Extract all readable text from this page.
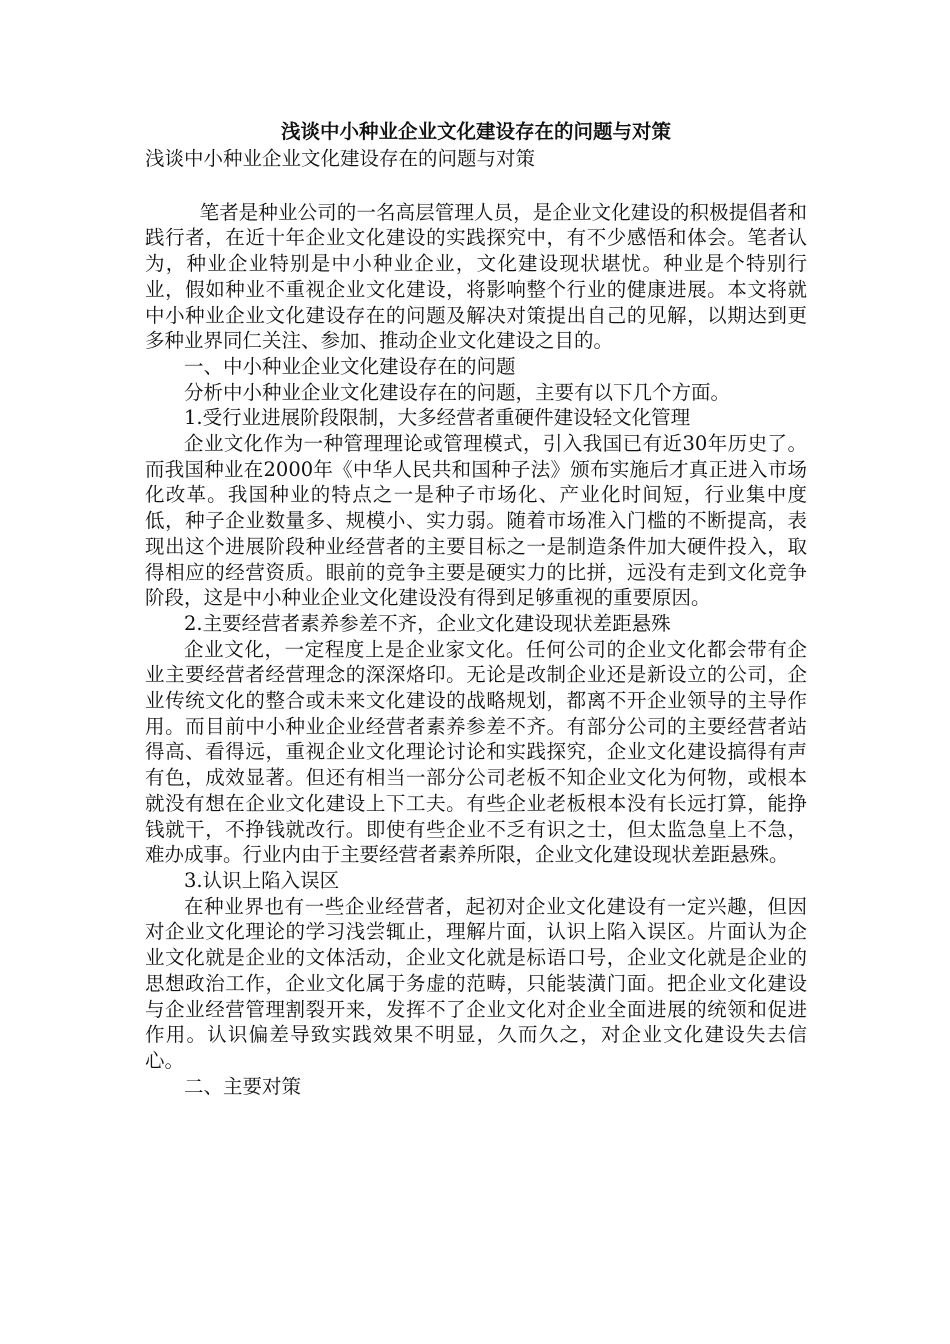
浅谈中小种业企业文化建设存在的问题与对策

浅谈中小种业企业文化建设存在的问题与对策

笔者是种业公司的一名高层管理人员，是企业文化建设的积极提倡者和践行者，在近十年企业文化建设的实践探究中，有不少感悟和体会。笔者认为，种业企业特别是中小种业企业，文化建设现状堪忧。种业是个特别行业，假如种业不重视企业文化建设，将影响整个行业的健康进展。本文将就中小种业企业文化建设存在的问题及解决对策提出自己的见解，以期达到更多种业界同仁关注、参加、推动企业文化建设之目的。

一、中小种业企业文化建设存在的问题

分析中小种业企业文化建设存在的问题，主要有以下几个方面。

1.受行业进展阶段限制，大多经营者重硬件建设轻文化管理

企业文化作为一种管理理论或管理模式，引入我国已有近30年历史了。而我国种业在2000年《中华人民共和国种子法》颁布实施后才真正进入市场化改革。我国种业的特点之一是种子市场化、产业化时间短，行业集中度低，种子企业数量多、规模小、实力弱。随着市场准入门槛的不断提高，表现出这个进展阶段种业经营者的主要目标之一是制造条件加大硬件投入，取得相应的经营资质。眼前的竞争主要是硬实力的比拼，远没有走到文化竞争阶段，这是中小种业企业文化建设没有得到足够重视的重要原因。

2.主要经营者素养参差不齐，企业文化建设现状差距悬殊

企业文化，一定程度上是企业家文化。任何公司的企业文化都会带有企业主要经营者经营理念的深深烙印。无论是改制企业还是新设立的公司，企业传统文化的整合或未来文化建设的战略规划，都离不开企业领导的主导作用。而目前中小种业企业经营者素养参差不齐。有部分公司的主要经营者站得高、看得远，重视企业文化理论讨论和实践探究，企业文化建设搞得有声有色，成效显著。但还有相当一部分公司老板不知企业文化为何物，或根本就没有想在企业文化建设上下工夫。有些企业老板根本没有长远打算，能挣钱就干，不挣钱就改行。即使有些企业不乏有识之士，但太监急皇上不急，难办成事。行业内由于主要经营者素养所限，企业文化建设现状差距悬殊。

3.认识上陷入误区

在种业界也有一些企业经营者，起初对企业文化建设有一定兴趣，但因对企业文化理论的学习浅尝辄止，理解片面，认识上陷入误区。片面认为企业文化就是企业的文体活动，企业文化就是标语口号，企业文化就是企业的思想政治工作，企业文化属于务虚的范畴，只能装潢门面。把企业文化建设与企业经营管理割裂开来，发挥不了企业文化对企业全面进展的统领和促进作用。认识偏差导致实践效果不明显，久而久之，对企业文化建设失去信心。

二、主要对策
